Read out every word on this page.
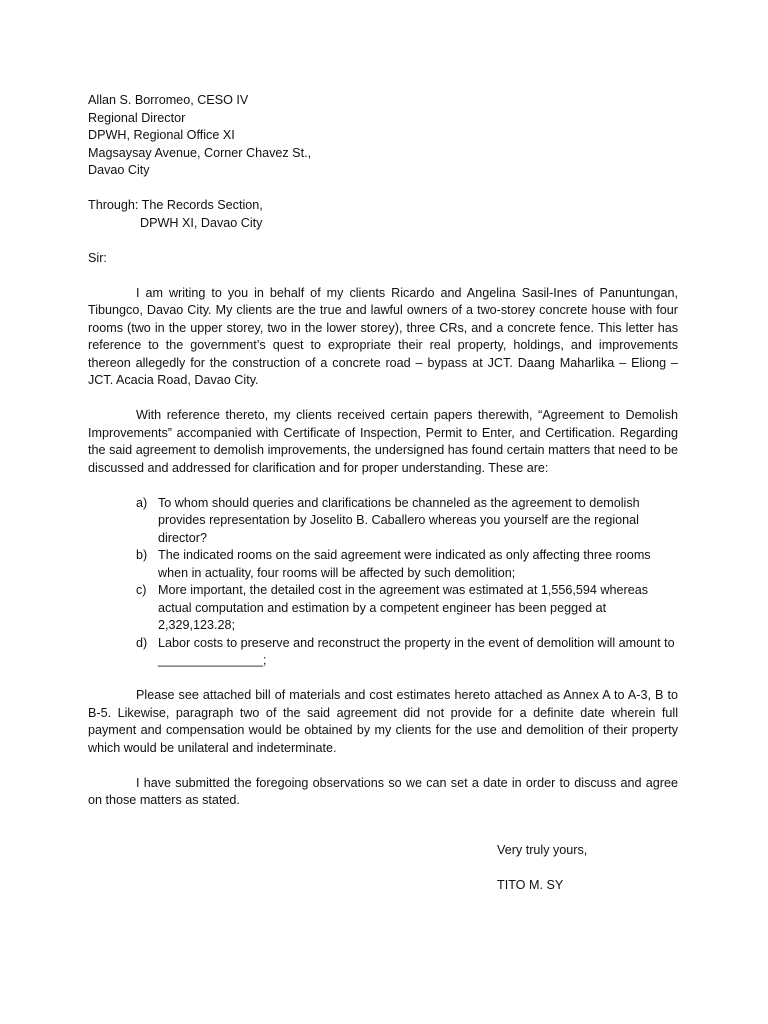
Allan S. Borromeo, CESO IV
Regional Director
DPWH, Regional Office XI
Magsaysay Avenue, Corner Chavez St.,
Davao City
Through: The Records Section,
DPWH XI, Davao City
Sir:

I am writing to you in behalf of my clients Ricardo and Angelina Sasil-Ines of Panuntungan, Tibungco, Davao City. My clients are the true and lawful owners of a two-storey concrete house with four rooms (two in the upper storey, two in the lower storey), three CRs, and a concrete fence. This letter has reference to the government’s quest to expropriate their real property, holdings, and improvements thereon allegedly for the construction of a concrete road – bypass at JCT. Daang Maharlika – Eliong – JCT. Acacia Road, Davao City.

With reference thereto, my clients received certain papers therewith, “Agreement to Demolish Improvements” accompanied with Certificate of Inspection, Permit to Enter, and Certification. Regarding the said agreement to demolish improvements, the undersigned has found certain matters that need to be discussed and addressed for clarification and for proper understanding. These are:

a) To whom should queries and clarifications be channeled as the agreement to demolish provides representation by Joselito B. Caballero whereas you yourself are the regional director?
b) The indicated rooms on the said agreement were indicated as only affecting three rooms when in actuality, four rooms will be affected by such demolition;
c) More important, the detailed cost in the agreement was estimated at 1,556,594 whereas actual computation and estimation by a competent engineer has been pegged at 2,329,123.28;
d) Labor costs to preserve and reconstruct the property in the event of demolition will amount to _______________;

Please see attached bill of materials and cost estimates hereto attached as Annex A to A-3, B to B-5. Likewise, paragraph two of the said agreement did not provide for a definite date wherein full payment and compensation would be obtained by my clients for the use and demolition of their property which would be unilateral and indeterminate.

I have submitted the foregoing observations so we can set a date in order to discuss and agree on those matters as stated.

Very truly yours,
TITO M. SY
